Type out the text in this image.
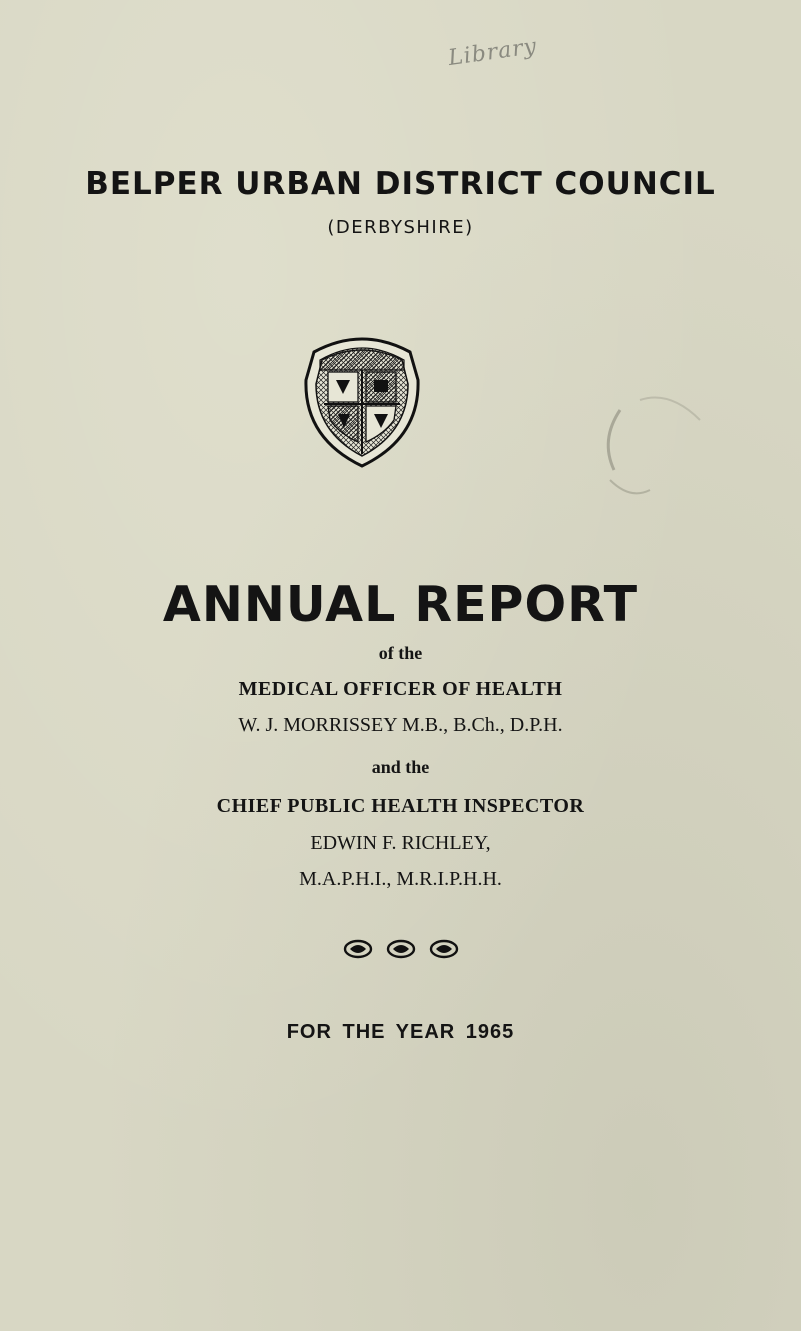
Library
BELPER URBAN DISTRICT COUNCIL
(DERBYSHIRE)
ANNUAL REPORT
of the
MEDICAL OFFICER OF HEALTH
W. J. MORRISSEY M.B., B.Ch., D.P.H.
and the
CHIEF PUBLIC HEALTH INSPECTOR
EDWIN F. RICHLEY,
M.A.P.H.I., M.R.I.P.H.H.
FOR THE YEAR 1965
